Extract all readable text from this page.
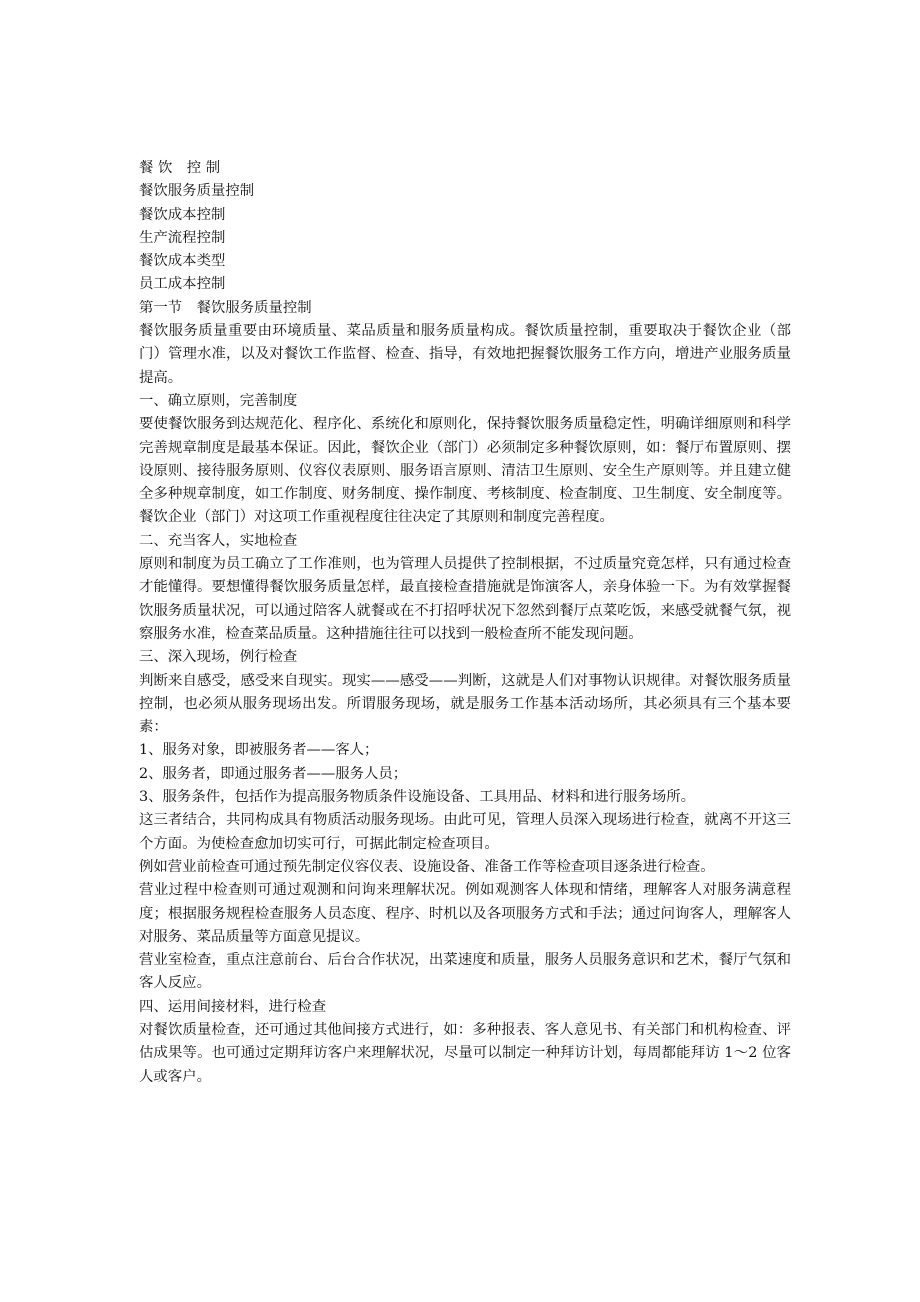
餐 饮　控 制
餐饮服务质量控制
餐饮成本控制
生产流程控制
餐饮成本类型
员工成本控制
第一节　餐饮服务质量控制
餐饮服务质量重要由环境质量、菜品质量和服务质量构成。餐饮质量控制，重要取决于餐饮企业（部门）管理水准，以及对餐饮工作监督、检查、指导，有效地把握餐饮服务工作方向，增进产业服务质量提高。
一、确立原则，完善制度
要使餐饮服务到达规范化、程序化、系统化和原则化，保持餐饮服务质量稳定性，明确详细原则和科学完善规章制度是最基本保证。因此，餐饮企业（部门）必须制定多种餐饮原则，如：餐厅布置原则、摆设原则、接待服务原则、仪容仪表原则、服务语言原则、清洁卫生原则、安全生产原则等。并且建立健全多种规章制度，如工作制度、财务制度、操作制度、考核制度、检查制度、卫生制度、安全制度等。餐饮企业（部门）对这项工作重视程度往往决定了其原则和制度完善程度。
二、充当客人，实地检查
原则和制度为员工确立了工作准则，也为管理人员提供了控制根据，不过质量究竟怎样，只有通过检查才能懂得。要想懂得餐饮服务质量怎样，最直接检查措施就是饰演客人，亲身体验一下。为有效掌握餐饮服务质量状况，可以通过陪客人就餐或在不打招呼状况下忽然到餐厅点菜吃饭，来感受就餐气氛，视察服务水准，检查菜品质量。这种措施往往可以找到一般检查所不能发现问题。
三、深入现场，例行检查
判断来自感受，感受来自现实。现实——感受——判断，这就是人们对事物认识规律。对餐饮服务质量控制，也必须从服务现场出发。所谓服务现场，就是服务工作基本活动场所，其必须具有三个基本要素：
1、服务对象，即被服务者——客人；
2、服务者，即通过服务者——服务人员；
3、服务条件，包括作为提高服务物质条件设施设备、工具用品、材料和进行服务场所。
这三者结合，共同构成具有物质活动服务现场。由此可见，管理人员深入现场进行检查，就离不开这三个方面。为使检查愈加切实可行，可据此制定检查项目。
例如营业前检查可通过预先制定仪容仪表、设施设备、准备工作等检查项目逐条进行检查。
营业过程中检查则可通过观测和问询来理解状况。例如观测客人体现和情绪，理解客人对服务满意程度；根据服务规程检查服务人员态度、程序、时机以及各项服务方式和手法；通过问询客人，理解客人对服务、菜品质量等方面意见提议。
营业室检查，重点注意前台、后台合作状况，出菜速度和质量，服务人员服务意识和艺术，餐厅气氛和客人反应。
四、运用间接材料，进行检查
对餐饮质量检查，还可通过其他间接方式进行，如：多种报表、客人意见书、有关部门和机构检查、评估成果等。也可通过定期拜访客户来理解状况，尽量可以制定一种拜访计划，每周都能拜访 1～2 位客人或客户。
